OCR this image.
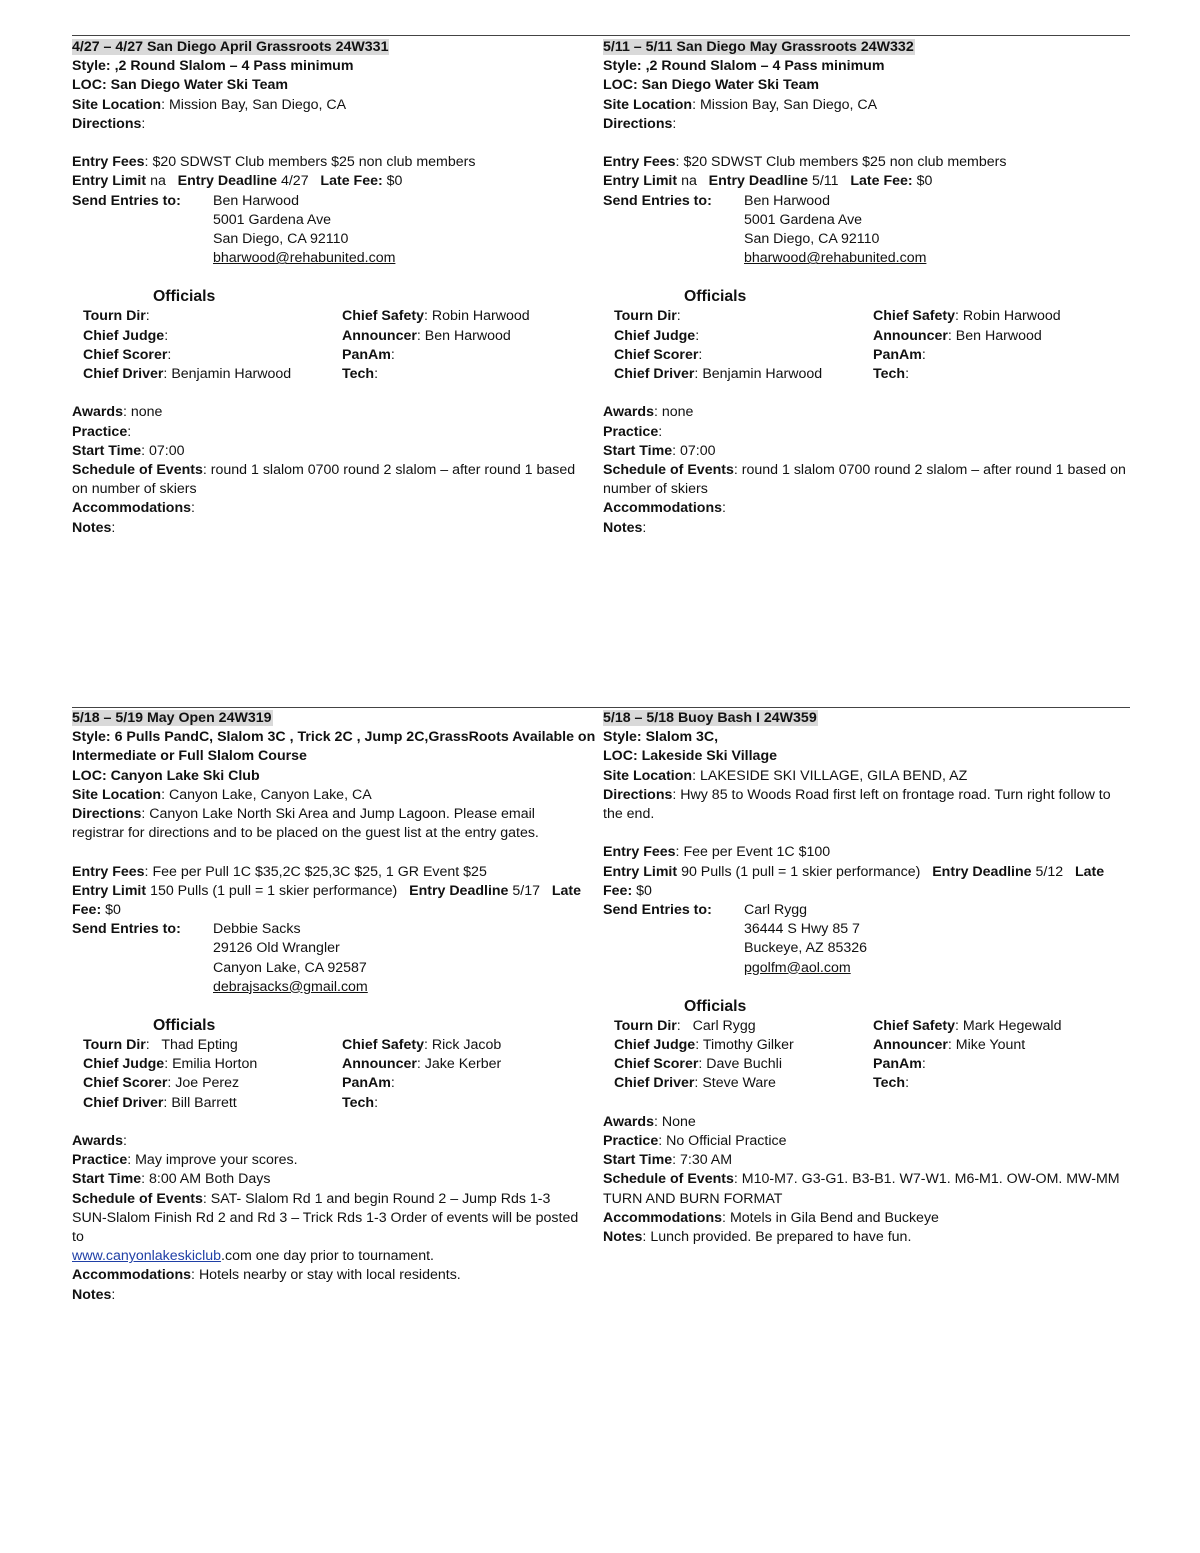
4/27 – 4/27 San Diego April Grassroots 24W331
Style: ,2 Round Slalom – 4 Pass minimum
LOC: San Diego Water Ski Team
Site Location: Mission Bay, San Diego, CA
Directions:
Entry Fees: $20 SDWST Club members $25 non club members
Entry Limit na Entry Deadline 4/27 Late Fee: $0
Send Entries to: Ben Harwood
5001 Gardena Ave
San Diego, CA 92110
bharwood@rehabunited.com
Officials
Tourn Dir:	Chief Safety: Robin Harwood
Chief Judge:	Announcer: Ben Harwood
Chief Scorer:	PanAm:
Chief Driver: Benjamin Harwood	Tech:
Awards: none
Practice:
Start Time: 07:00
Schedule of Events: round 1 slalom 0700 round 2 slalom – after round 1 based on number of skiers
Accommodations:
Notes:
5/11 – 5/11 San Diego May Grassroots 24W332
Style: ,2 Round Slalom – 4 Pass minimum
LOC: San Diego Water Ski Team
Site Location: Mission Bay, San Diego, CA
Directions:
Entry Fees: $20 SDWST Club members $25 non club members
Entry Limit na Entry Deadline 5/11 Late Fee: $0
Send Entries to: Ben Harwood
5001 Gardena Ave
San Diego, CA 92110
bharwood@rehabunited.com
Officials
Tourn Dir:	Chief Safety: Robin Harwood
Chief Judge:	Announcer: Ben Harwood
Chief Scorer:	PanAm:
Chief Driver: Benjamin Harwood	Tech:
Awards: none
Practice:
Start Time: 07:00
Schedule of Events: round 1 slalom 0700 round 2 slalom – after round 1 based on number of skiers
Accommodations:
Notes:
5/18 – 5/19 May Open 24W319
Style: 6 Pulls PandC, Slalom 3C , Trick 2C , Jump 2C,GrassRoots Available on
Intermediate or Full Slalom Course
LOC: Canyon Lake Ski Club
Site Location: Canyon Lake, Canyon Lake, CA
Directions: Canyon Lake North Ski Area and Jump Lagoon. Please email registrar for directions and to be placed on the guest list at the entry gates.
Entry Fees: Fee per Pull 1C $35,2C $25,3C $25, 1 GR Event $25
Entry Limit 150 Pulls (1 pull = 1 skier performance) Entry Deadline 5/17 Late
Fee: $0
Send Entries to: Debbie Sacks
29126 Old Wrangler
Canyon Lake, CA 92587
debrajsacks@gmail.com
Officials
Tourn Dir:   Thad Epting	Chief Safety: Rick Jacob
Chief Judge: Emilia Horton	Announcer: Jake Kerber
Chief Scorer: Joe Perez	PanAm:
Chief Driver: Bill Barrett	Tech:
Awards:
Practice: May improve your scores.
Start Time: 8:00 AM Both Days
Schedule of Events: SAT- Slalom Rd 1 and begin Round 2 – Jump Rds 1-3 SUN-Slalom Finish Rd 2 and Rd 3 – Trick Rds 1-3 Order of events will be posted to
www.canyonlakeskiclub.com one day prior to tournament.
Accommodations: Hotels nearby or stay with local residents.
Notes:
5/18 – 5/18 Buoy Bash I 24W359
Style: Slalom 3C,
LOC: Lakeside Ski Village
Site Location: LAKESIDE SKI VILLAGE, GILA BEND, AZ
Directions: Hwy 85 to Woods Road first left on frontage road. Turn right follow to the end.
Entry Fees: Fee per Event 1C $100
Entry Limit 90 Pulls (1 pull = 1 skier performance) Entry Deadline 5/12 Late
Fee: $0
Send Entries to: Carl Rygg
36444 S Hwy 85 7
Buckeye, AZ 85326
pgolfm@aol.com
Officials
Tourn Dir:   Carl Rygg	Chief Safety: Mark Hegewald
Chief Judge: Timothy Gilker	Announcer: Mike Yount
Chief Scorer: Dave Buchli	PanAm:
Chief Driver: Steve Ware	Tech:
Awards: None
Practice: No Official Practice
Start Time: 7:30 AM
Schedule of Events: M10-M7. G3-G1. B3-B1. W7-W1. M6-M1. OW-OM. MW-MM TURN AND BURN FORMAT
Accommodations: Motels in Gila Bend and Buckeye
Notes: Lunch provided. Be prepared to have fun.
